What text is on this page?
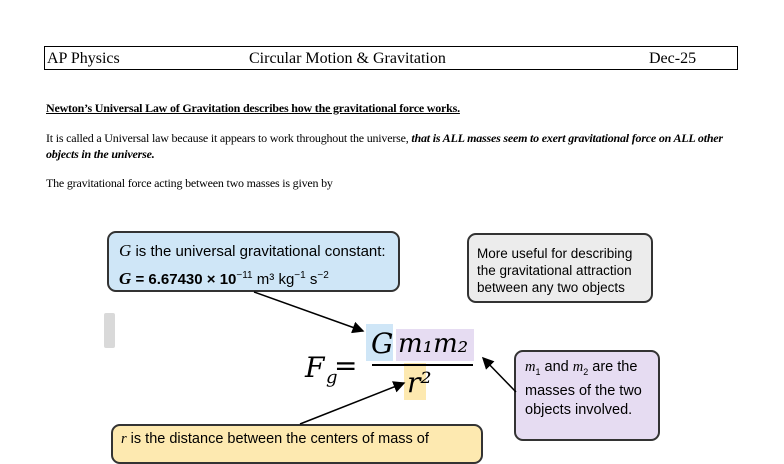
AP Physics	Circular Motion & Gravitation	Dec-25
Newton’s Universal Law of Gravitation describes how the gravitational force works.
It is called a Universal law because it appears to work throughout the universe, that is ALL masses seem to exert gravitational force on ALL other objects in the universe.
The gravitational force acting between two masses is given by
G is the universal gravitational constant:
$G = 6.67430 \times 10^{-11}$ m³ $kg^{-1}$ $s^{-2}$
More useful for describing the gravitational attraction between any two objects
$m_1$ and $m_2$ are the masses of the two objects involved.
r is the distance between the centers of mass of
F g
=
G m₁m₂
r²
